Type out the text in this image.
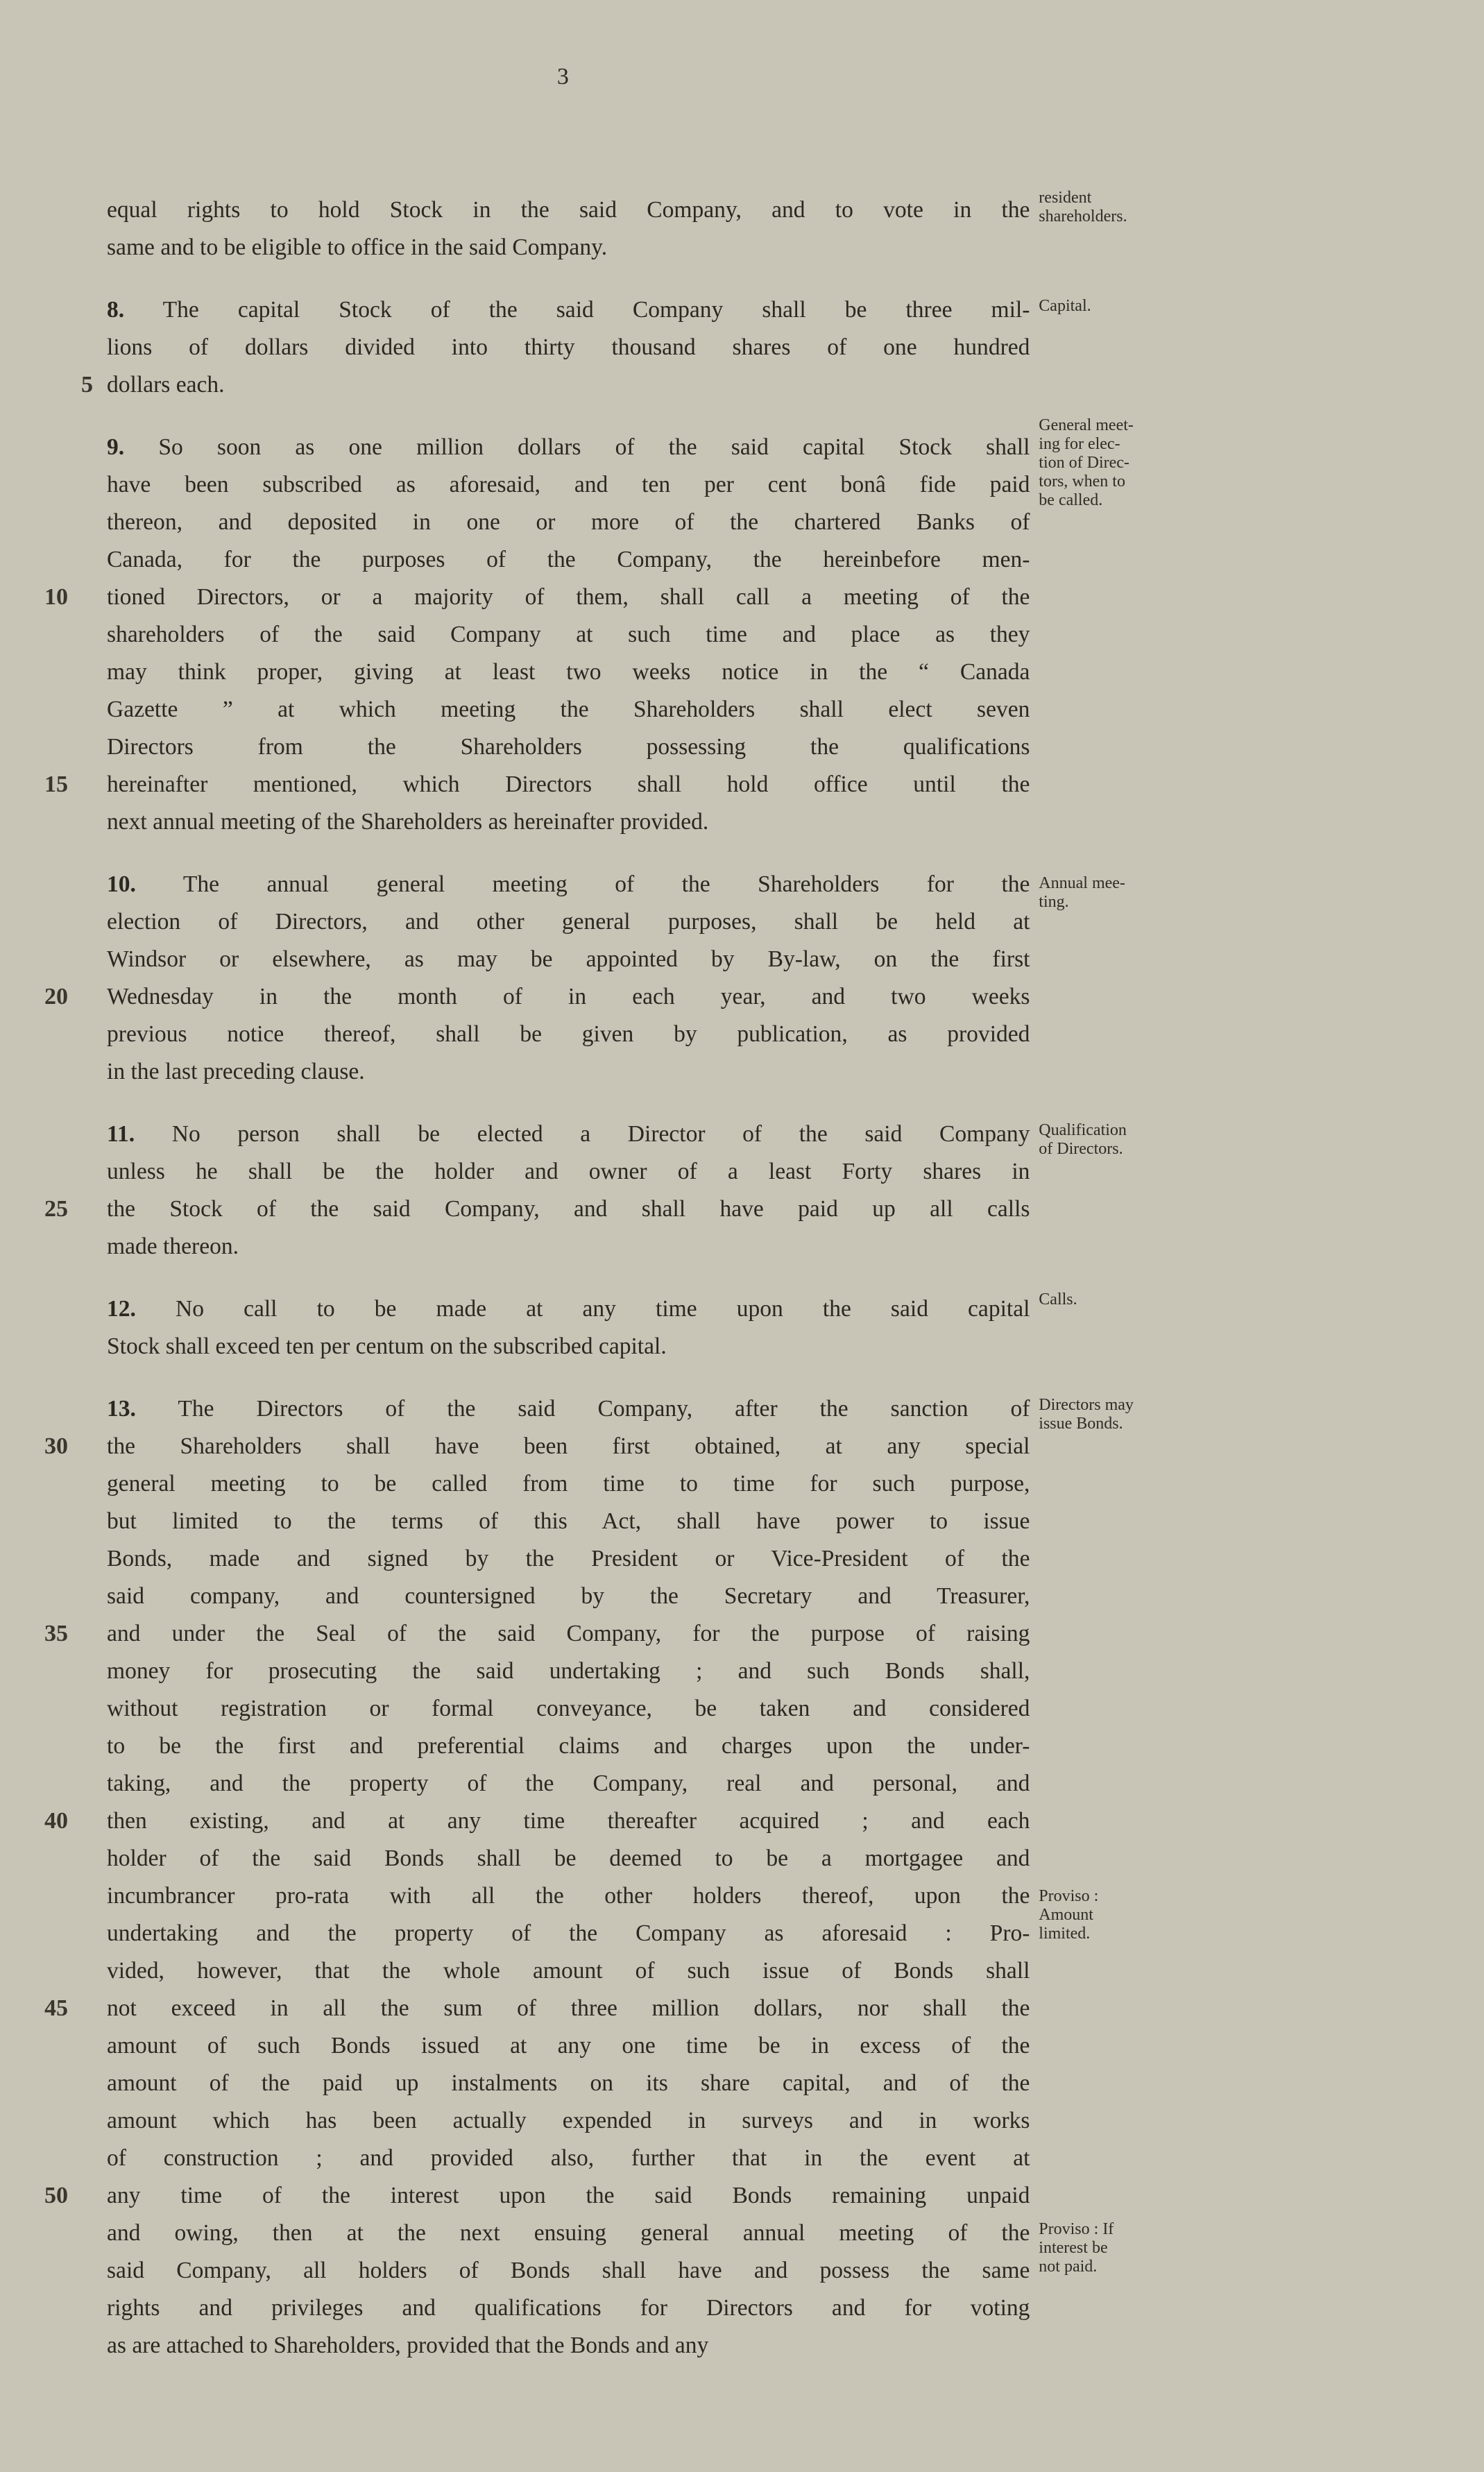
3
equal rights to hold Stock in the said Company, and to vote in the
same and to be eligible to office in the said Company.
8. The capital Stock of the said Company shall be three mil-
lions of dollars divided into thirty thousand shares of one hundred
5 dollars each.
9. So soon as one million dollars of the said capital Stock shall
have been subscribed as aforesaid, and ten per cent bonâ fide paid
thereon, and deposited in one or more of the chartered Banks of
Canada, for the purposes of the Company, the hereinbefore men-
10	tioned Directors, or a majority of them, shall call a meeting of the
shareholders of the said Company at such time and place as they
may think proper, giving at least two weeks notice in the “ Canada
Gazette ” at which meeting the Shareholders shall elect seven
Directors from the Shareholders possessing the qualifications
15	hereinafter mentioned, which Directors shall hold office until the
next annual meeting of the Shareholders as hereinafter provided.
10. The annual general meeting of the Shareholders for the
election of Directors, and other general purposes, shall be held at
Windsor or elsewhere, as may be appointed by By-law, on the first
20	Wednesday in the month of in each year, and two weeks
previous notice thereof, shall be given by publication, as provided
in the last preceding clause.
11. No person shall be elected a Director of the said Company
unless he shall be the holder and owner of a least Forty shares in
25	the Stock of the said Company, and shall have paid up all calls
made thereon.
12. No call to be made at any time upon the said capital
Stock shall exceed ten per centum on the subscribed capital.
13. The Directors of the said Company, after the sanction of
30	the Shareholders shall have been first obtained, at any special
general meeting to be called from time to time for such purpose,
but limited to the terms of this Act, shall have power to issue
Bonds, made and signed by the President or Vice-President of the
said company, and countersigned by the Secretary and Treasurer,
35	and under the Seal of the said Company, for the purpose of raising
money for prosecuting the said undertaking ; and such Bonds shall,
without registration or formal conveyance, be taken and considered
to be the first and preferential claims and charges upon the under-
taking, and the property of the Company, real and personal, and
40	then existing, and at any time thereafter acquired ; and each
holder of the said Bonds shall be deemed to be a mortgagee and
incumbrancer pro-rata with all the other holders thereof, upon the
undertaking and the property of the Company as aforesaid : Pro-
vided, however, that the whole amount of such issue of Bonds shall
45	not exceed in all the sum of three million dollars, nor shall the
amount of such Bonds issued at any one time be in excess of the
amount of the paid up instalments on its share capital, and of the
amount which has been actually expended in surveys and in works
of construction ; and provided also, further that in the event at
50	any time of the interest upon the said Bonds remaining unpaid
and owing, then at the next ensuing general annual meeting of the
said Company, all holders of Bonds shall have and possess the same
rights and privileges and qualifications for Directors and for voting
as are attached to Shareholders, provided that the Bonds and any
resident
shareholders.
Capital.
General meet-
ing for elec-
tion of Direc-
tors, when to
be called.
Annual mee-
ting.
Qualification
of Directors.
Calls.
Directors may
issue Bonds.
Proviso :
Amount
limited.
Proviso : If
interest be
not paid.
